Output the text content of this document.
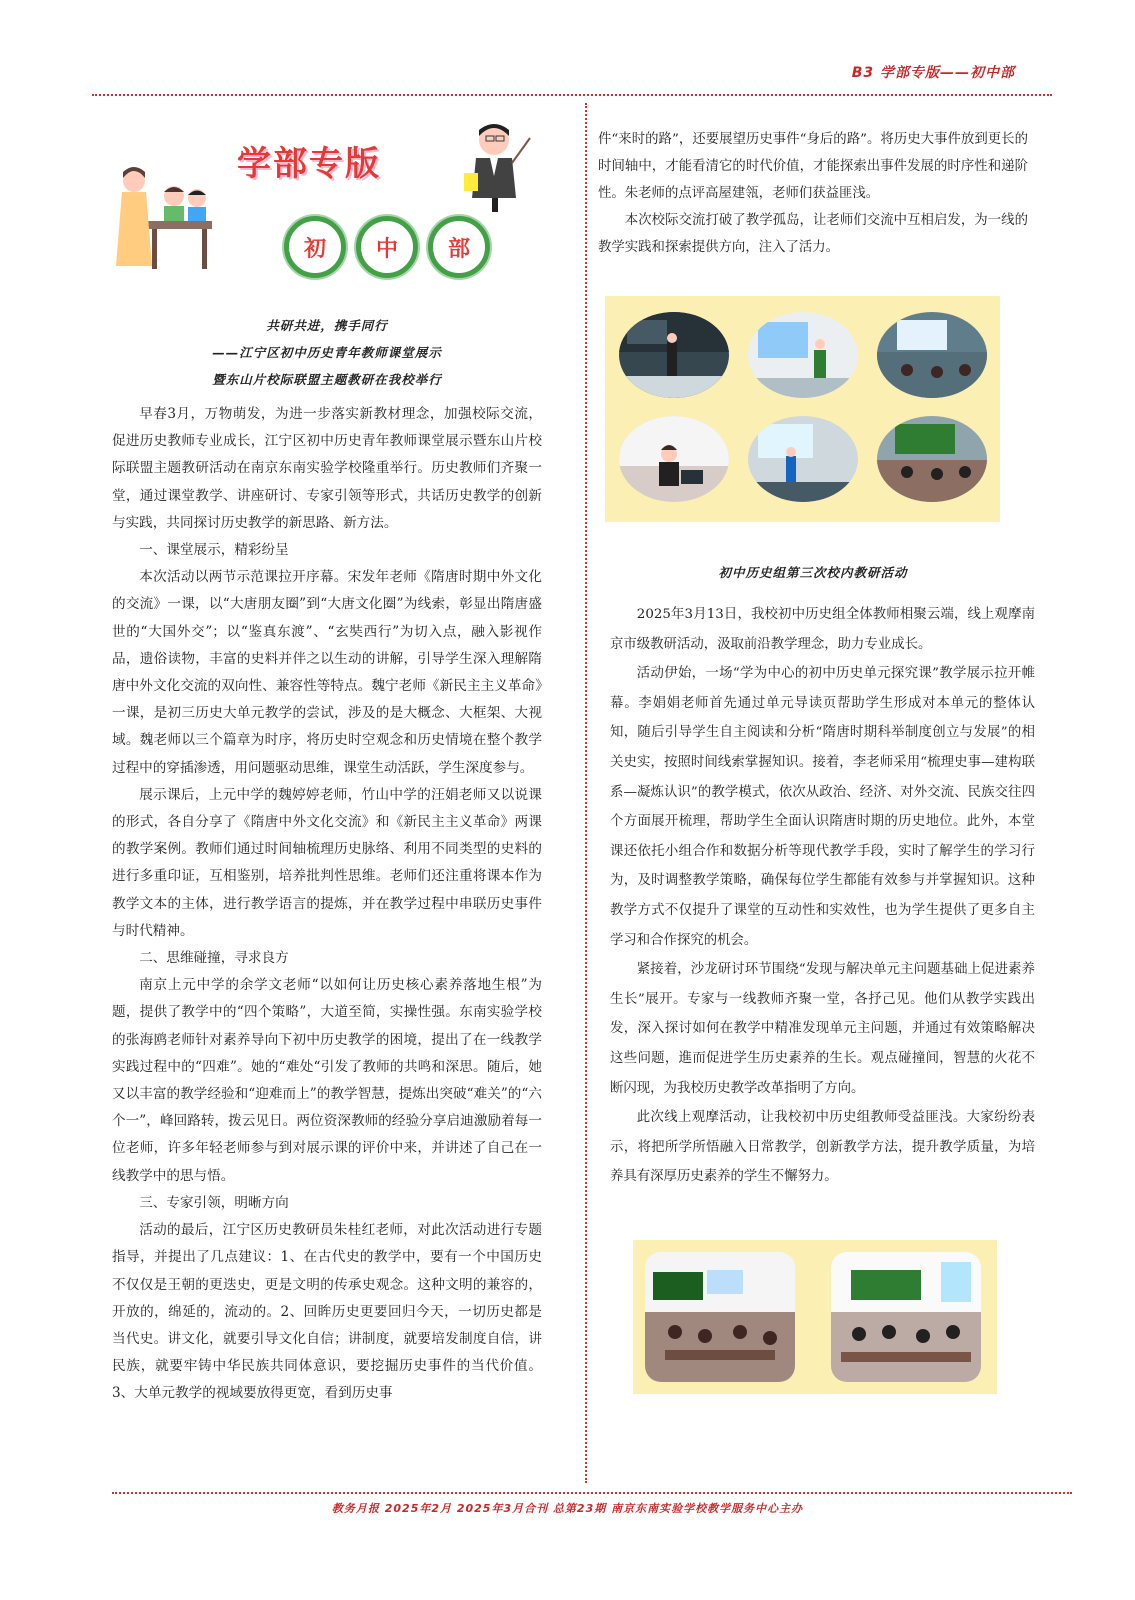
B3 学部专版——初中部
学部专版
初	中	部
共研共进，携手同行
——江宁区初中历史青年教师课堂展示
暨东山片校际联盟主题教研在我校举行

早春3月，万物萌发，为进一步落实新教材理念，加强校际交流，促进历史教师专业成长，江宁区初中历史青年教师课堂展示暨东山片校际联盟主题教研活动在南京东南实验学校隆重举行。历史教师们齐聚一堂，通过课堂教学、讲座研讨、专家引领等形式，共话历史教学的创新与实践，共同探讨历史教学的新思路、新方法。

一、课堂展示，精彩纷呈

本次活动以两节示范课拉开序幕。宋发年老师《隋唐时期中外文化的交流》一课，以“大唐朋友圈”到“大唐文化圈”为线索，彰显出隋唐盛世的“大国外交”；以“鉴真东渡”、“玄奘西行”为切入点，融入影视作品，遗俗读物，丰富的史料并伴之以生动的讲解，引导学生深入理解隋唐中外文化交流的双向性、兼容性等特点。魏宁老师《新民主主义革命》一课，是初三历史大单元教学的尝试，涉及的是大概念、大框架、大视域。魏老师以三个篇章为时序，将历史时空观念和历史情境在整个教学过程中的穿插渗透，用问题驱动思维，课堂生动活跃，学生深度参与。

展示课后，上元中学的魏婷婷老师，竹山中学的汪娟老师又以说课的形式，各自分享了《隋唐中外文化交流》和《新民主主义革命》两课的教学案例。教师们通过时间轴梳理历史脉络、利用不同类型的史料的进行多重印证，互相鉴别，培养批判性思维。老师们还注重将课本作为教学文本的主体，进行教学语言的提炼，并在教学过程中串联历史事件与时代精神。

二、思维碰撞，寻求良方

南京上元中学的余学文老师“以如何让历史核心素养落地生根”为题，提供了教学中的“四个策略”，大道至简，实操性强。东南实验学校的张海鸥老师针对素养导向下初中历史教学的困境，提出了在一线教学实践过程中的“四难”。她的“难处“引发了教师的共鸣和深思。随后，她又以丰富的教学经验和“迎难而上”的教学智慧，提炼出突破“难关”的“六个一”，峰回路转，拨云见日。两位资深教师的经验分享启迪激励着每一位老师，许多年轻老师参与到对展示课的评价中来，并讲述了自己在一线教学中的思与悟。

三、专家引领，明晰方向

活动的最后，江宁区历史教研员朱桂红老师，对此次活动进行专题指导，并提出了几点建议：1、在古代史的教学中，要有一个中国历史不仅仅是王朝的更迭史，更是文明的传承史观念。这种文明的兼容的，开放的，绵延的，流动的。2、回眸历史更要回归今天，一切历史都是当代史。讲文化，就要引导文化自信；讲制度，就要培发制度自信，讲民族，就要牢铸中华民族共同体意识，要挖掘历史事件的当代价值。3、大单元教学的视域要放得更宽，看到历史事

件“来时的路”，还要展望历史事件“身后的路”。将历史大事件放到更长的时间轴中，才能看清它的时代价值，才能探索出事件发展的时序性和递阶性。朱老师的点评高屋建瓴，老师们获益匪浅。

本次校际交流打破了教学孤岛，让老师们交流中互相启发，为一线的教学实践和探索提供方向，注入了活力。

初中历史组第三次校内教研活动

2025年3月13日，我校初中历史组全体教师相聚云端，线上观摩南京市级教研活动，汲取前沿教学理念，助力专业成长。

活动伊始，一场“学为中心的初中历史单元探究课”教学展示拉开帷幕。李娟娟老师首先通过单元导读页帮助学生形成对本单元的整体认知，随后引导学生自主阅读和分析“隋唐时期科举制度创立与发展”的相关史实，按照时间线索掌握知识。接着，李老师采用“梳理史事—建构联系—凝炼认识”的教学模式，依次从政治、经济、对外交流、民族交往四个方面展开梳理，帮助学生全面认识隋唐时期的历史地位。此外，本堂课还依托小组合作和数据分析等现代教学手段，实时了解学生的学习行为，及时调整教学策略，确保每位学生都能有效参与并掌握知识。这种教学方式不仅提升了课堂的互动性和实效性，也为学生提供了更多自主学习和合作探究的机会。

紧接着，沙龙研讨环节围绕“发现与解决单元主问题基础上促进素养生长”展开。专家与一线教师齐聚一堂，各抒己见。他们从教学实践出发，深入探讨如何在教学中精准发现单元主问题，并通过有效策略解决这些问题，進而促进学生历史素养的生长。观点碰撞间，智慧的火花不断闪现，为我校历史教学改革指明了方向。

此次线上观摩活动，让我校初中历史组教师受益匪浅。大家纷纷表示，将把所学所悟融入日常教学，创新教学方法，提升教学质量，为培养具有深厚历史素养的学生不懈努力。

教务月报 2025年2月 2025年3月合刊 总第23期 南京东南实验学校教学服务中心主办
